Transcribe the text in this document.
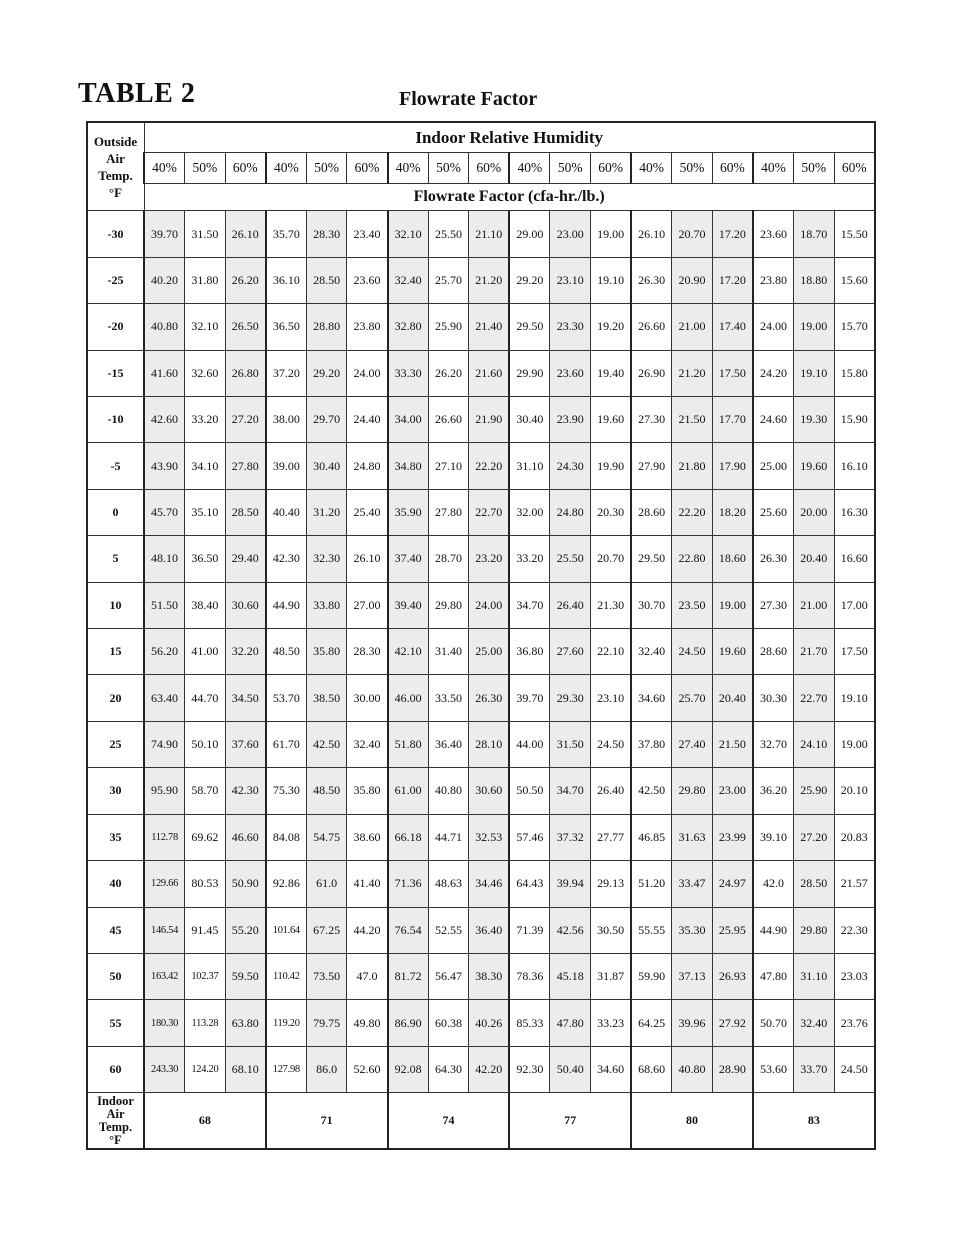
TABLE 2	Flowrate Factor
Outside
Air
Temp.
°F	Indoor Relative Humidity																	
	40%	50%	60%	40%	50%	60%	40%	50%	60%	40%	50%	60%	40%	50%	60%	40%	50%	60%
	Flowrate Factor (cfa-hr./lb.)																	
-30	39.70	31.50	26.10	35.70	28.30	23.40	32.10	25.50	21.10	29.00	23.00	19.00	26.10	20.70	17.20	23.60	18.70	15.50
-25	40.20	31.80	26.20	36.10	28.50	23.60	32.40	25.70	21.20	29.20	23.10	19.10	26.30	20.90	17.20	23.80	18.80	15.60
-20	40.80	32.10	26.50	36.50	28.80	23.80	32.80	25.90	21.40	29.50	23.30	19.20	26.60	21.00	17.40	24.00	19.00	15.70
-15	41.60	32.60	26.80	37.20	29.20	24.00	33.30	26.20	21.60	29.90	23.60	19.40	26.90	21.20	17.50	24.20	19.10	15.80
-10	42.60	33.20	27.20	38.00	29.70	24.40	34.00	26.60	21.90	30.40	23.90	19.60	27.30	21.50	17.70	24.60	19.30	15.90
-5	43.90	34.10	27.80	39.00	30.40	24.80	34.80	27.10	22.20	31.10	24.30	19.90	27.90	21.80	17.90	25.00	19.60	16.10
0	45.70	35.10	28.50	40.40	31.20	25.40	35.90	27.80	22.70	32.00	24.80	20.30	28.60	22.20	18.20	25.60	20.00	16.30
5	48.10	36.50	29.40	42.30	32.30	26.10	37.40	28.70	23.20	33.20	25.50	20.70	29.50	22.80	18.60	26.30	20.40	16.60
10	51.50	38.40	30.60	44.90	33.80	27.00	39.40	29.80	24.00	34.70	26.40	21.30	30.70	23.50	19.00	27.30	21.00	17.00
15	56.20	41.00	32.20	48.50	35.80	28.30	42.10	31.40	25.00	36.80	27.60	22.10	32.40	24.50	19.60	28.60	21.70	17.50
20	63.40	44.70	34.50	53.70	38.50	30.00	46.00	33.50	26.30	39.70	29.30	23.10	34.60	25.70	20.40	30.30	22.70	19.10
25	74.90	50.10	37.60	61.70	42.50	32.40	51.80	36.40	28.10	44.00	31.50	24.50	37.80	27.40	21.50	32.70	24.10	19.00
30	95.90	58.70	42.30	75.30	48.50	35.80	61.00	40.80	30.60	50.50	34.70	26.40	42.50	29.80	23.00	36.20	25.90	20.10
35	112.78	69.62	46.60	84.08	54.75	38.60	66.18	44.71	32.53	57.46	37.32	27.77	46.85	31.63	23.99	39.10	27.20	20.83
40	129.66	80.53	50.90	92.86	61.0	41.40	71.36	48.63	34.46	64.43	39.94	29.13	51.20	33.47	24.97	42.0	28.50	21.57
45	146.54	91.45	55.20	101.64	67.25	44.20	76.54	52.55	36.40	71.39	42.56	30.50	55.55	35.30	25.95	44.90	29.80	22.30
50	163.42	102.37	59.50	110.42	73.50	47.0	81.72	56.47	38.30	78.36	45.18	31.87	59.90	37.13	26.93	47.80	31.10	23.03
55	180.30	113.28	63.80	119.20	79.75	49.80	86.90	60.38	40.26	85.33	47.80	33.23	64.25	39.96	27.92	50.70	32.40	23.76
60	243.30	124.20	68.10	127.98	86.0	52.60	92.08	64.30	42.20	92.30	50.40	34.60	68.60	40.80	28.90	53.60	33.70	24.50

Indoor
Air
Temp.
°F	68			71			74			77			80			83		
